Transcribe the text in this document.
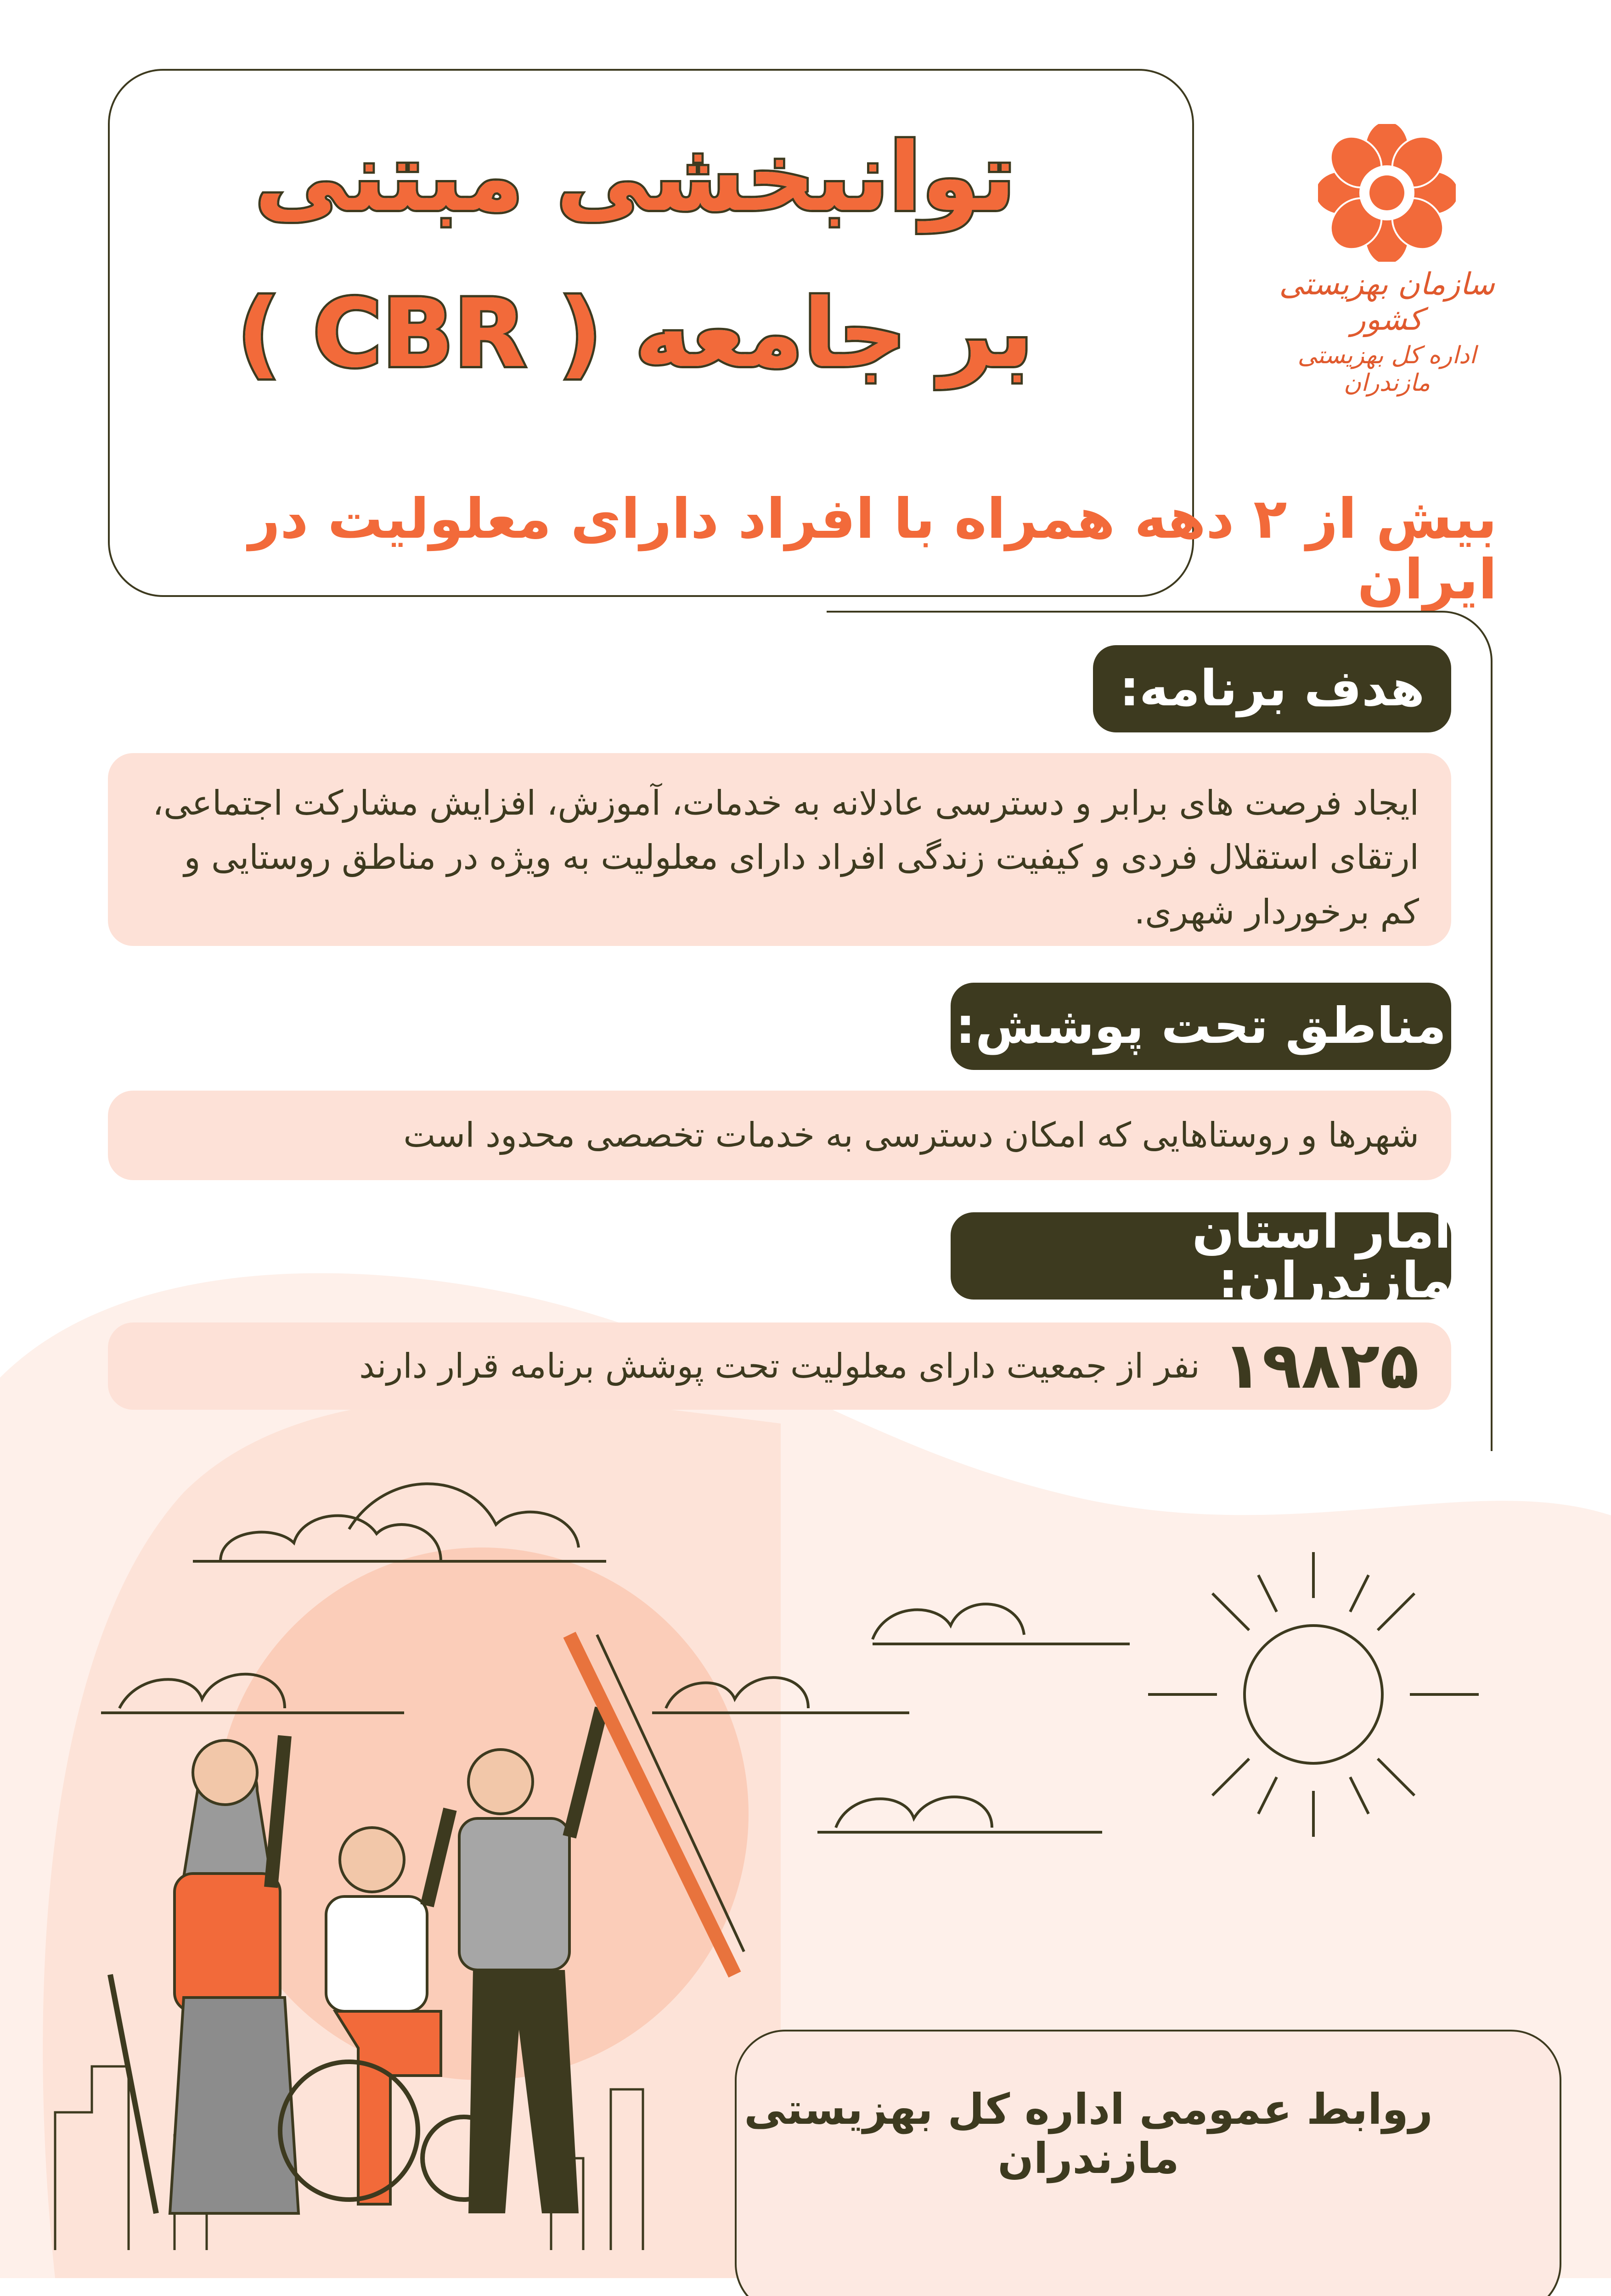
سازمان بهزیستی کشور
اداره کل بهزیستی مازندران
توانبخشی مبتنی
بر جامعه ( CBR )
بیش از ۲ دهه همراه با افراد دارای معلولیت در ایران
هدف برنامه:
ایجاد فرصت های برابر و دسترسی عادلانه به خدمات، آموزش، افزایش مشارکت اجتماعی، ارتقای استقلال فردی و کیفیت زندگی افراد دارای معلولیت به ویژه در مناطق روستایی و کم برخوردار شهری.
مناطق تحت پوشش:
شهرها و روستاهایی که امکان دسترسی به خدمات تخصصی محدود است
آمار استان مازندران:
۱۹۸۲۵
نفر از جمعیت دارای معلولیت تحت پوشش برنامه قرار دارند
روابط عمومی اداره کل بهزیستی مازندران
